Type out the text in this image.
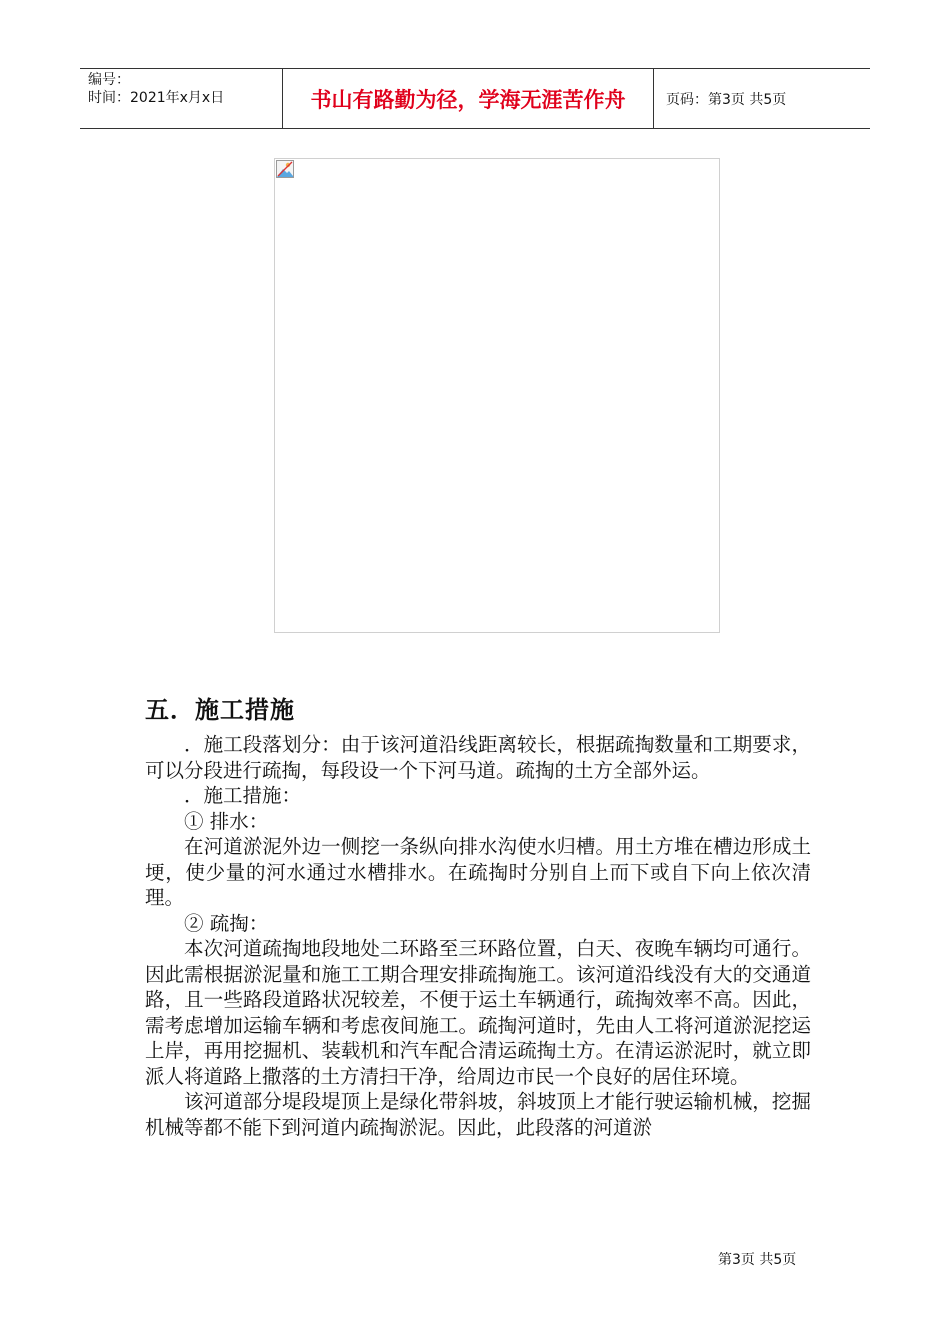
编号：
时间：2021年x月x日	书山有路勤为径，学海无涯苦作舟	页码：第3页 共5页
五．施工措施

．施工段落划分：由于该河道沿线距离较长，根据疏掏数量和工期要求，可以分段进行疏掏，每段设一个下河马道。疏掏的土方全部外运。

．施工措施：

① 排水：

在河道淤泥外边一侧挖一条纵向排水沟使水归槽。用土方堆在槽边形成土埂，使少量的河水通过水槽排水。在疏掏时分别自上而下或自下向上依次清理。

② 疏掏：

本次河道疏掏地段地处二环路至三环路位置，白天、夜晚车辆均可通行。因此需根据淤泥量和施工工期合理安排疏掏施工。该河道沿线没有大的交通道路，且一些路段道路状况较差，不便于运土车辆通行，疏掏效率不高。因此，需考虑增加运输车辆和考虑夜间施工。疏掏河道时，先由人工将河道淤泥挖运上岸，再用挖掘机、装载机和汽车配合清运疏掏土方。在清运淤泥时，就立即派人将道路上撒落的土方清扫干净，给周边市民一个良好的居住环境。

该河道部分堤段堤顶上是绿化带斜坡，斜坡顶上才能行驶运输机械，挖掘机械等都不能下到河道内疏掏淤泥。因此，此段落的河道淤

第3页 共5页
